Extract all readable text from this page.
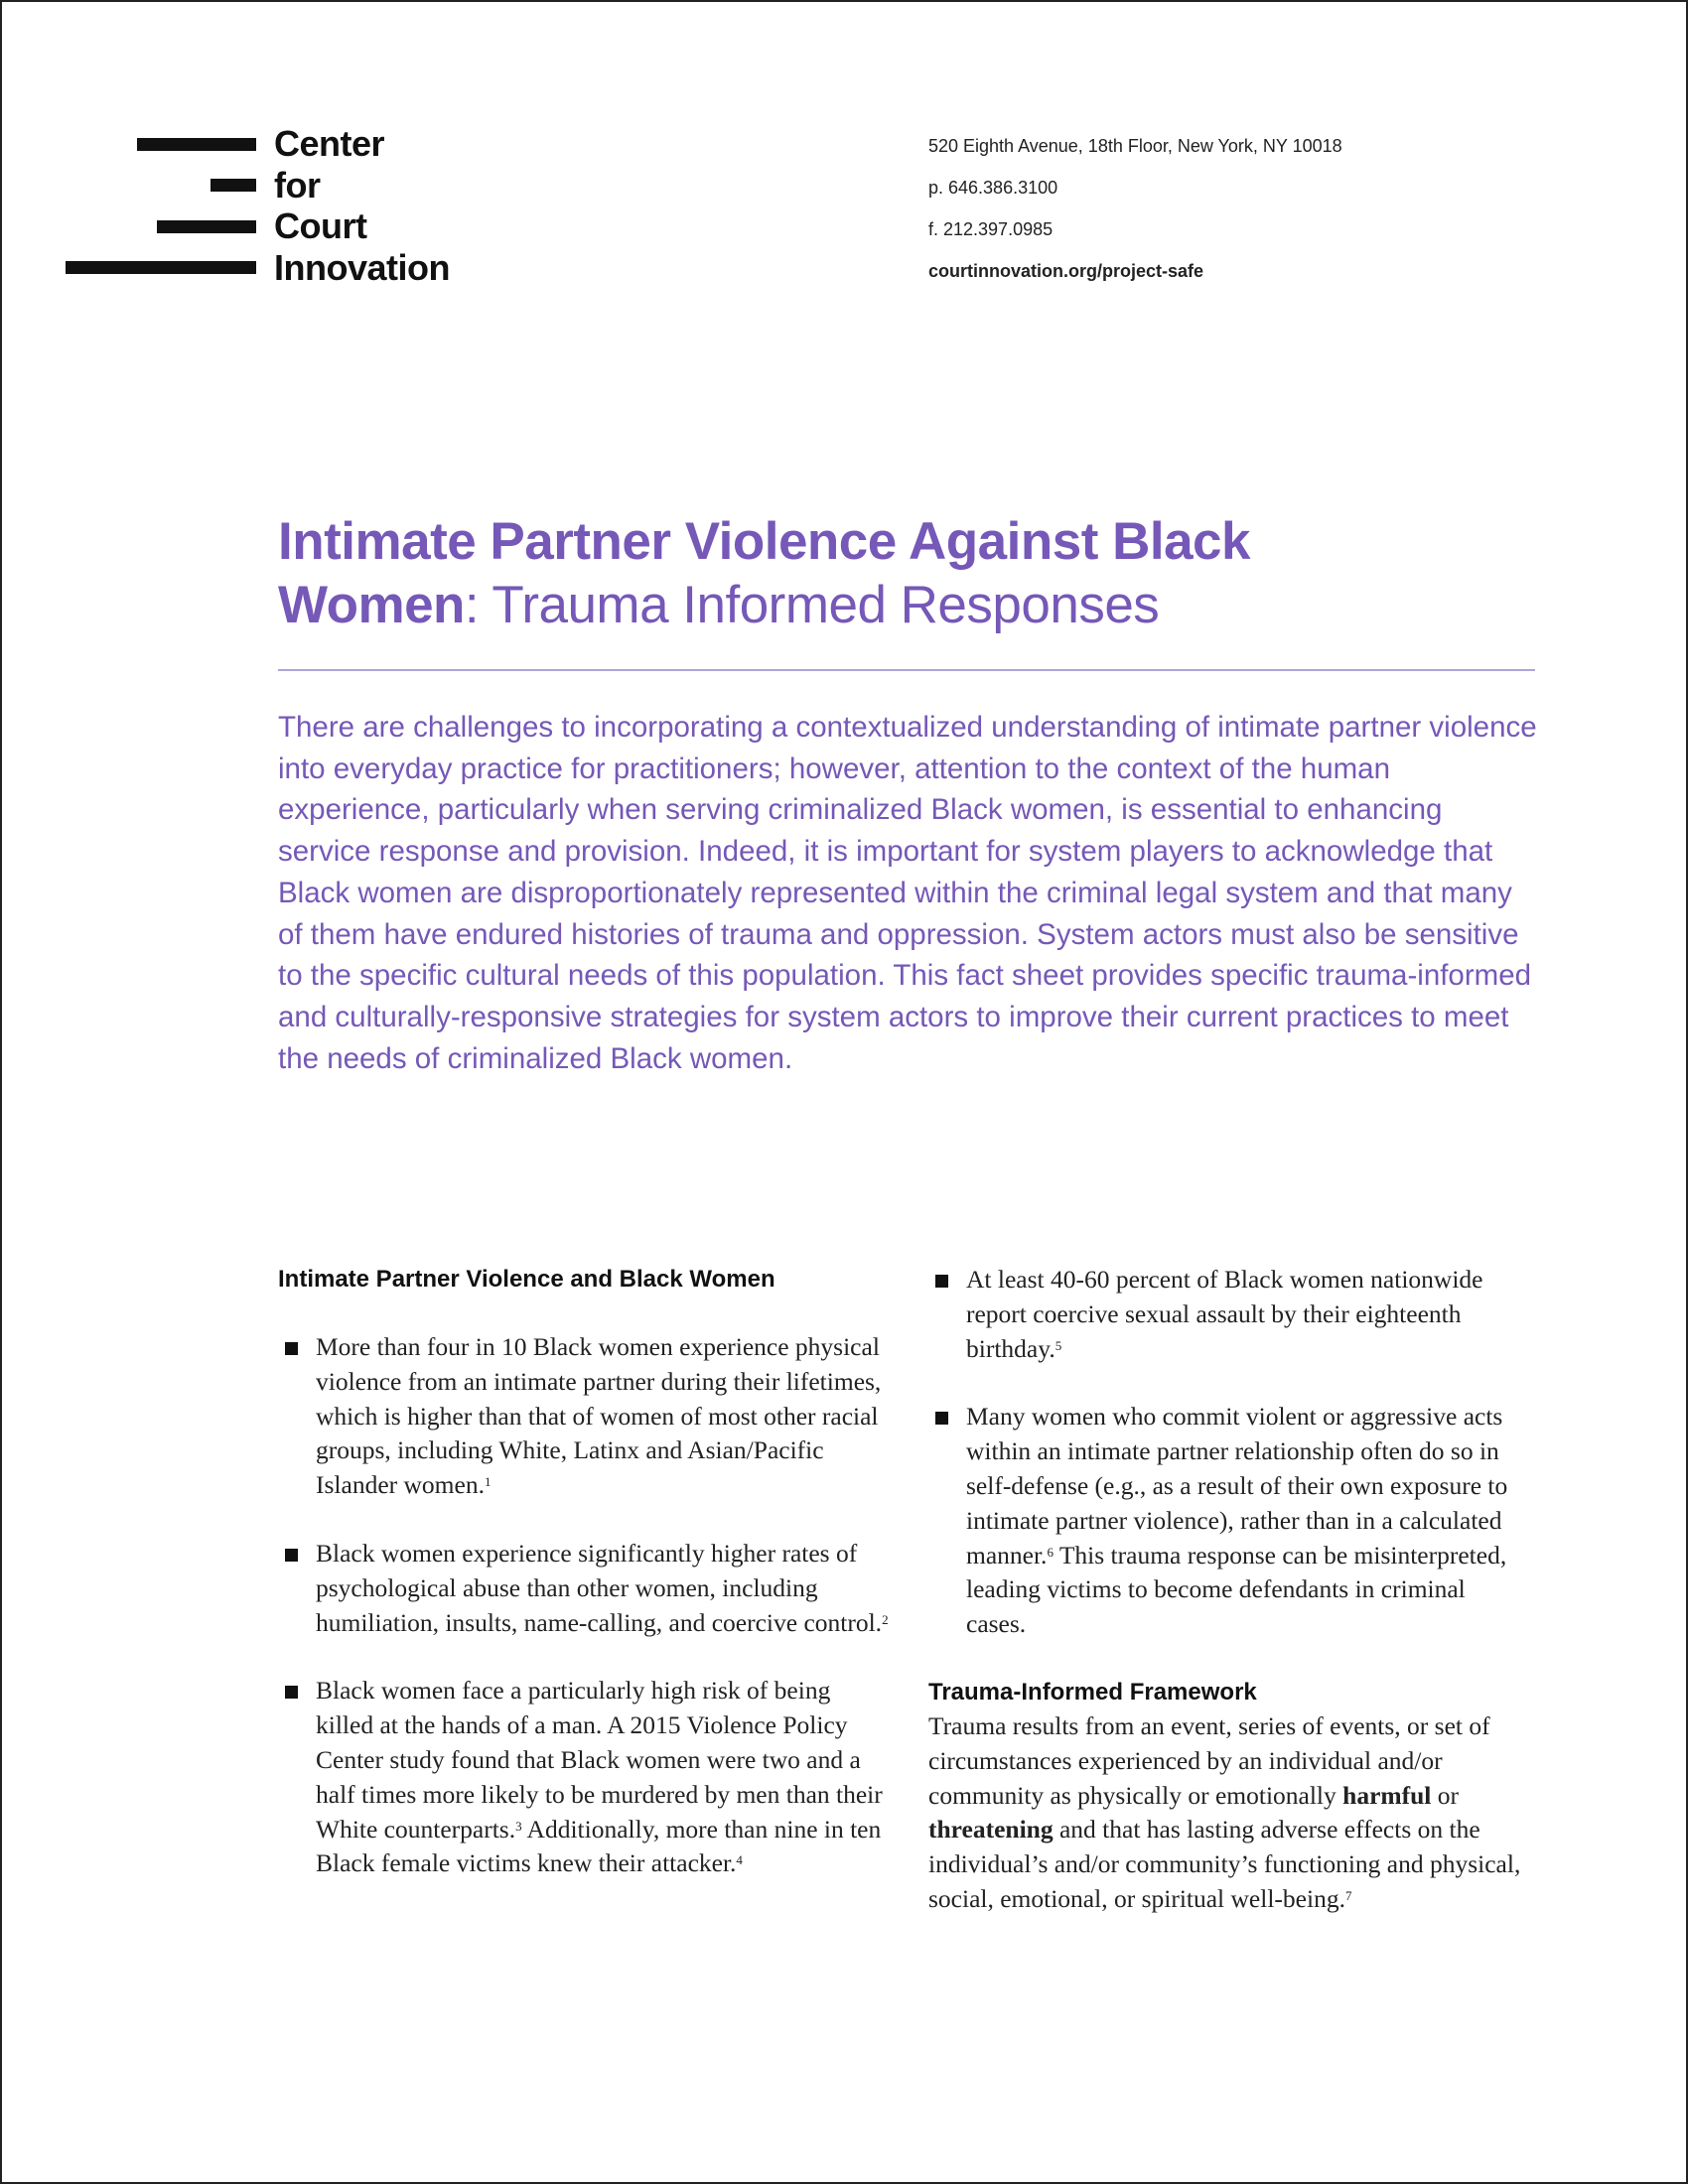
Center
for
Court
Innovation
520 Eighth Avenue, 18th Floor, New York, NY 10018
p. 646.386.3100
f. 212.397.0985
courtinnovation.org/project-safe
Intimate Partner Violence Against Black
Women: Trauma Informed Responses
There are challenges to incorporating a contextualized understanding of intimate partner violence into everyday practice for practitioners; however, attention to the context of the human experience, particularly when serving criminalized Black women, is essential to enhancing service response and provision. Indeed, it is important for system players to acknowledge that Black women are disproportionately represented within the criminal legal system and that many of them have endured histories of trauma and oppression. System actors must also be sensitive to the specific cultural needs of this population. This fact sheet provides specific trauma-informed and culturally-responsive strategies for system actors to improve their current practices to meet the needs of criminalized Black women.
Intimate Partner Violence and Black Women
More than four in 10 Black women experience physical violence from an intimate partner during their lifetimes, which is higher than that of women of most other racial groups, including White, Latinx and Asian/Pacific Islander women.$^1$
Black women experience significantly higher rates of psychological abuse than other women, including humiliation, insults, name-calling, and coercive control.$^2$
Black women face a particularly high risk of being killed at the hands of a man. A 2015 Violence Policy Center study found that Black women were two and a half times more likely to be murdered by men than their White counterparts.$^3$ Additionally, more than nine in ten Black female victims knew their attacker.$^4$
At least 40-60 percent of Black women nationwide report coercive sexual assault by their eighteenth birthday.$^5$
Many women who commit violent or aggressive acts within an intimate partner relationship often do so in self-defense (e.g., as a result of their own exposure to intimate partner violence), rather than in a calculated manner.$^6$ This trauma response can be misinterpreted, leading victims to become defendants in criminal cases.
Trauma-Informed Framework

Trauma results from an event, series of events, or set of circumstances experienced by an individual and/or community as physically or emotionally harmful or threatening and that has lasting adverse effects on the individual’s and/or community’s functioning and physical, social, emotional, or spiritual well-being.$^7$
